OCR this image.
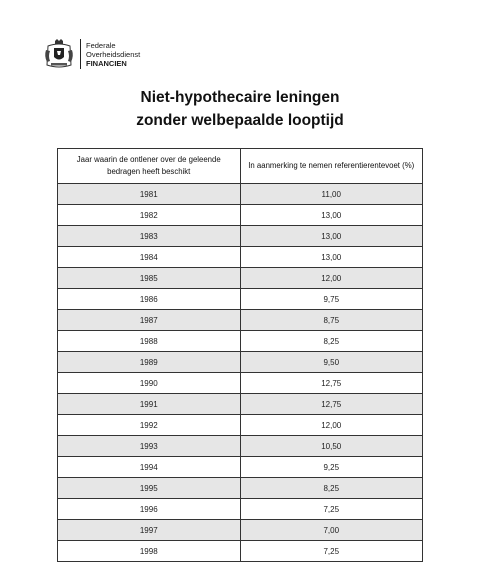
Federale
Overheidsdienst
FINANCIEN
Niet-hypothecaire leningen
zonder welbepaalde looptijd
Jaar waarin de ontlener over de geleende bedragen heeft beschikt	In aanmerking te nemen referentierentevoet (%)
1981	11,00
1982	13,00
1983	13,00
1984	13,00
1985	12,00
1986	9,75
1987	8,75
1988	8,25
1989	9,50
1990	12,75
1991	12,75
1992	12,00
1993	10,50
1994	9,25
1995	8,25
1996	7,25
1997	7,00
1998	7,25
